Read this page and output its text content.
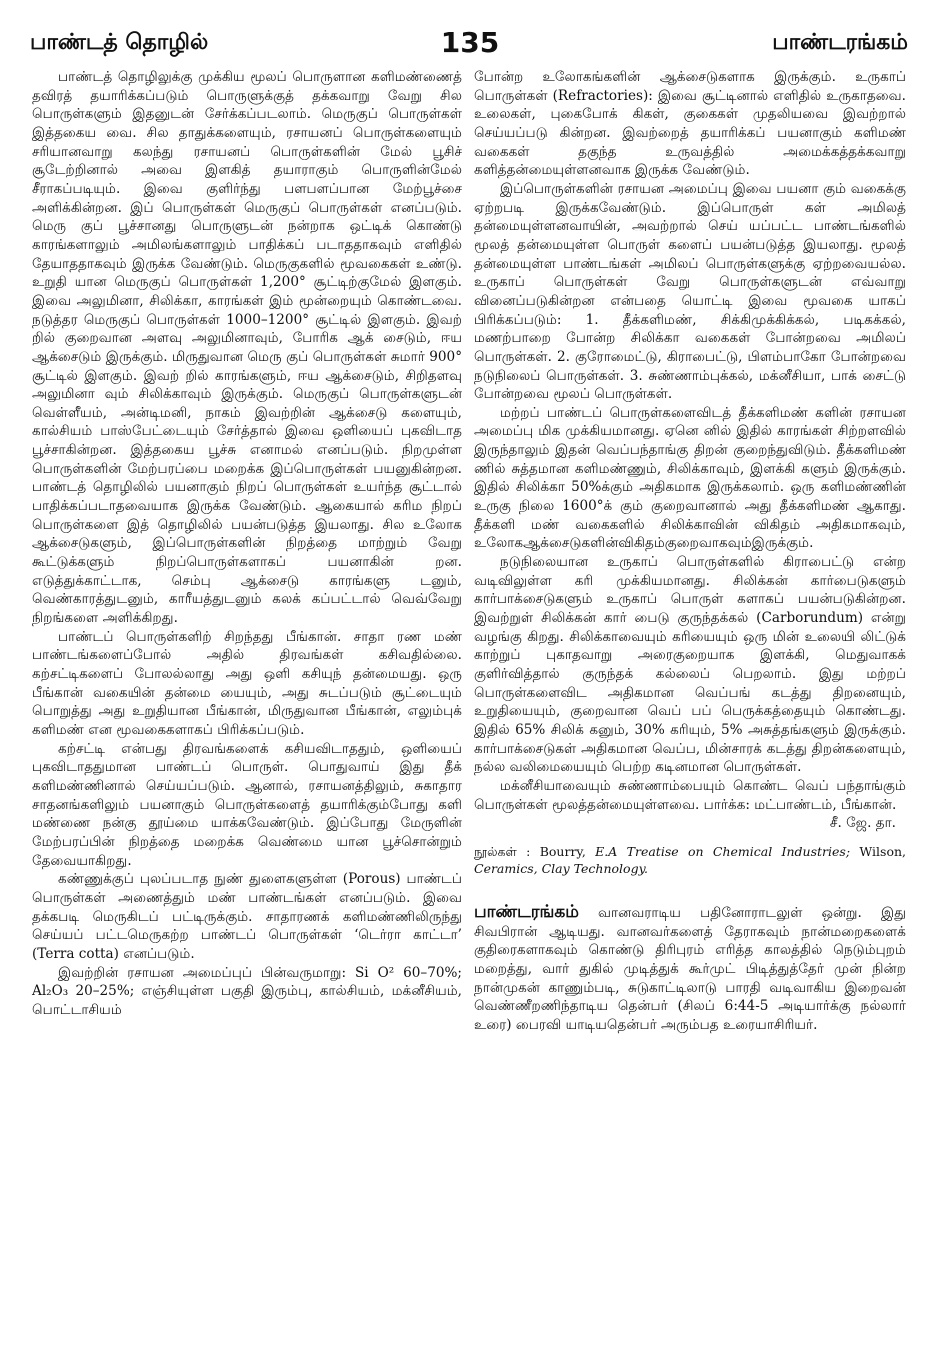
பாண்டத் தொழில்	135	பாண்டரங்கம்

பாண்டத் தொழிலுக்கு முக்கிய மூலப் பொருளான களிமண்ணைத் தவிரத் தயாரிக்கப்படும் பொருளுக்குத் தக்கவாறு வேறு சில பொருள்களும் இதனுடன் சேர்க்கப்படலாம். மெருகுப் பொருள்கள் இத்தகைய வை. சில தாதுக்களையும், ரசாயனப் பொருள்களையும் சரியானவாறு கலந்து ரசாயனப் பொருள்களின் மேல் பூசிச் சூடேற்றினால் அவை இளகித் தயாராகும் பொருளின்மேல் சீராகப்படியும். இவை குளிர்ந்து பளபளப்பான மேற்பூச்சை அளிக்கின்றன. இப் பொருள்கள் மெருகுப் பொருள்கள் எனப்படும். மெரு குப் பூச்சானது பொருளுடன் நன்றாக ஒட்டிக் கொண்டு காரங்களாலும் அமிலங்களாலும் பாதிக்கப் படாததாகவும் எளிதில் தேயாததாகவும் இருக்க வேண்டும். மெருகுகளில் மூவகைகள் உண்டு. உறுதி யான மெருகுப் பொருள்கள் 1,200° சூட்டிற்குமேல் இளகும். இவை அலுமினா, சிலிக்கா, காரங்கள் இம் மூன்றையும் கொண்டவை. நடுத்தர மெருகுப் பொருள்கள் 1000–1200° சூட்டில் இளகும். இவற் றில் குறைவான அளவு அலுமினாவும், போரிக ஆக் சைடும், ஈய ஆக்சைடும் இருக்கும். மிருதுவான மெரு குப் பொருள்கள் சுமார் 900° சூட்டில் இளகும். இவற் றில் காரங்களும், ஈய ஆக்சைடும், சிறிதளவு அலுமினா வும் சிலிக்காவும் இருக்கும். மெருகுப் பொருள்களுடன் வெள்ளீயம், அன்டிமனி, நாகம் இவற்றின் ஆக்சைடு களையும், கால்சியம் பாஸ்பேட்டையும் சேர்த்தால் இவை ஒளியைப் புகவிடாத பூச்சாகின்றன. இத்தகைய பூச்சு எனாமல் எனப்படும். நிறமுள்ள பொருள்களின் மேற்பரப்பை மறைக்க இப்பொருள்கள் பயனுகின்றன. பாண்டத் தொழிலில் பயனாகும் நிறப் பொருள்கள் உயர்ந்த சூட்டால் பாதிக்கப்படாதவையாக இருக்க வேண்டும். ஆகையால் கரிம நிறப் பொருள்களை இத் தொழிலில் பயன்படுத்த இயலாது. சில உலோக ஆக்சைடுகளும், இப்பொருள்களின் நிறத்தை மாற்றும் வேறு கூட்டுக்களும் நிறப்பொருள்களாகப் பயனாகின் றன. எடுத்துக்காட்டாக, செம்பு ஆக்சைடு காரங்களு டனும், வெண்காரத்துடனும், காரீயத்துடனும் கலக் கப்பட்டால் வெவ்வேறு நிறங்களை அளிக்கிறது.

பாண்டப் பொருள்களிற் சிறந்தது பீங்கான். சாதா ரண மண் பாண்டங்களைப்போல் அதில் திரவங்கள் கசிவதில்லை. கற்சட்டிகளைப் போலல்லாது அது ஒளி கசியுந் தன்மையது. ஒரு பீங்கான் வகையின் தன்மை யையும், அது சுடப்படும் சூட்டையும் பொறுத்து அது உறுதியான பீங்கான், மிருதுவான பீங்கான், எலும்புக் களிமண் என மூவகைகளாகப் பிரிக்கப்படும்.

கற்சட்டி என்பது திரவங்களைக் கசியவிடாததும், ஒளியைப் புகவிடாததுமான பாண்டப் பொருள். பொதுவாய் இது தீக் களிமண்ணினால் செய்யப்படும். ஆனால், ரசாயனத்திலும், சுகாதார சாதனங்களிலும் பயனாகும் பொருள்களைத் தயாரிக்கும்போது களி மண்ணை நன்கு தூய்மை யாக்கவேண்டும். இப்போது மேருளின் மேற்பரப்பின் நிறத்தை மறைக்க வெண்மை யான பூச்சொன்றும் தேவையாகிறது.

கண்ணுக்குப் புலப்படாத நுண் துளைகளுள்ள (Porous) பாண்டப் பொருள்கள் அணைத்தும் மண் பாண்டங்கள் எனப்படும். இவை தக்கபடி மெருகிடப் பட்டிருக்கும். சாதாரணக் களிமண்ணிலிருந்து செய்யப் பட்டமெருகற்ற பாண்டப் பொருள்கள் ‘டெர்ரா காட்டா’ (Terra cotta) எனப்படும்.

இவற்றின் ரசாயன அமைப்புப் பின்வருமாறு: Si O² 60–70%; Al₂O₃ 20–25%; எஞ்சியுள்ள பகுதி இரும்பு, கால்சியம், மக்னீசியம், பொட்டாசியம்

போன்ற உலோகங்களின் ஆக்சைடுகளாக இருக்கும். உருகாப் பொருள்கள் (Refractories): இவை சூட்டினால் எளிதில் உருகாதவை. உலைகள், புகைபோக் கிகள், குகைகள் முதலியவை இவற்றால் செய்யப்படு கின்றன. இவற்றைத் தயாரிக்கப் பயனாகும் களிமண் வகைகள் தகுந்த உருவத்தில் அமைக்கத்தக்கவாறு களித்தன்மையுள்ளனவாக இருக்க வேண்டும்.

இப்பொருள்களின் ரசாயன அமைப்பு இவை பயனா கும் வகைக்கு ஏற்றபடி இருக்கவேண்டும். இப்பொருள் கள் அமிலத் தன்மையுள்ளனவாயின், அவற்றால் செய் யப்பட்ட பாண்டங்களில் மூலத் தன்மையுள்ள பொருள் களைப் பயன்படுத்த இயலாது. மூலத் தன்மையுள்ள பாண்டங்கள் அமிலப் பொருள்களுக்கு ஏற்றவையல்ல. உருகாப் பொருள்கள் வேறு பொருள்களுடன் எவ்வாறு வினைப்படுகின்றன என்பதை யொட்டி இவை மூவகை யாகப் பிரிக்கப்படும்: 1. தீக்களிமண், சிக்கிமுக்கிக்கல், படிகக்கல், மணற்பாறை போன்ற சிலிக்கா வகைகள் போன்றவை அமிலப் பொருள்கள். 2. குரோமைட்டு, கிராபைட்டு, பிளம்பாகோ போன்றவை நடுநிலைப் பொருள்கள். 3. சுண்ணாம்புக்கல், மக்னீசியா, பாக் சைட்டு போன்றவை மூலப் பொருள்கள்.

மற்றப் பாண்டப் பொருள்களைவிடத் தீக்களிமண் களின் ரசாயன அமைப்பு மிக முக்கியமானது. ஏனெ னில் இதில் காரங்கள் சிற்றளவில் இருந்தாலும் இதன் வெப்பந்தாங்கு திறன் குறைந்துவிடும். தீக்களிமண் ணில் சுத்தமான களிமண்ணும், சிலிக்காவும், இளக்கி களும் இருக்கும். இதில் சிலிக்கா 50%க்கும் அதிகமாக இருக்கலாம். ஒரு களிமண்ணின் உருகு நிலை 1600°க் கும் குறைவானால் அது தீக்களிமண் ஆகாது. தீக்களி மண் வகைகளில் சிலிக்காவின் விகிதம் அதிகமாகவும், உலோகஆக்சைடுகளின்விகிதம்குறைவாகவும்இருக்கும்.

நடுநிலையான உருகாப் பொருள்களில் கிராபைட்டு என்ற வடிவிலுள்ள கரி முக்கியமானது. சிலிக்கன் கார்பைடுகளும் கார்பாக்சைடுகளும் உருகாப் பொருள் களாகப் பயன்படுகின்றன. இவற்றுள் சிலிக்கன் கார் பைடு குருந்தக்கல் (Carborundum) என்று வழங்கு கிறது. சிலிக்காவையும் கரியையும் ஒரு மின் உலையி லிட்டுக் காற்றுப் புகாதவாறு அரைகுறையாக இளக்கி, மெதுவாகக் குளிர்வித்தால் குருந்தக் கல்லைப் பெறலாம். இது மற்றப் பொருள்களைவிட அதிகமான வெப்பங் கடத்து திறனையும், உறுதியையும், குறைவான வெப் பப் பெருக்கத்தையும் கொண்டது. இதில் 65% சிலிக் கனும், 30% கரியும், 5% அசுத்தங்களும் இருக்கும். கார்பாக்சைடுகள் அதிகமான வெப்ப, மின்சாரக் கடத்து திறன்களையும், நல்ல வலிமையையும் பெற்ற கடினமான பொருள்கள்.

மக்னீசியாவையும் சுண்ணாம்பையும் கொண்ட வெப் பந்தாங்கும் பொருள்கள் மூலத்தன்மையுள்ளவை. பார்க்க: மட்பாண்டம், பீங்கான்.

சீ. ஜே. தா.

நூல்கள் : Bourry, E.A Treatise on Chemical Industries; Wilson, Ceramics, Clay Technology.

பாண்டரங்கம் வானவராடிய பதினோராடலுள் ஒன்று. இது சிவபிரான் ஆடியது. வானவர்களைத் தேராகவும் நான்மறைகளைக் குதிரைகளாகவும் கொண்டு திரிபுரம் எரித்த காலத்தில் நெடும்புறம் மறைத்து, வார் துகில் முடித்துக் கூர்முட் பிடித்துத்தேர் முன் நின்ற நான்முகன் காணும்படி, சுடுகாட்டிலாடு பாரதி வடிவாகிய இறைவன் வெண்ணீறணிந்தாடிய தென்பர் (சிலப் 6:44-5 அடியார்க்கு நல்லார் உரை) பைரவி யாடியதென்பர் அரும்பத உரையாசிரியர்.
